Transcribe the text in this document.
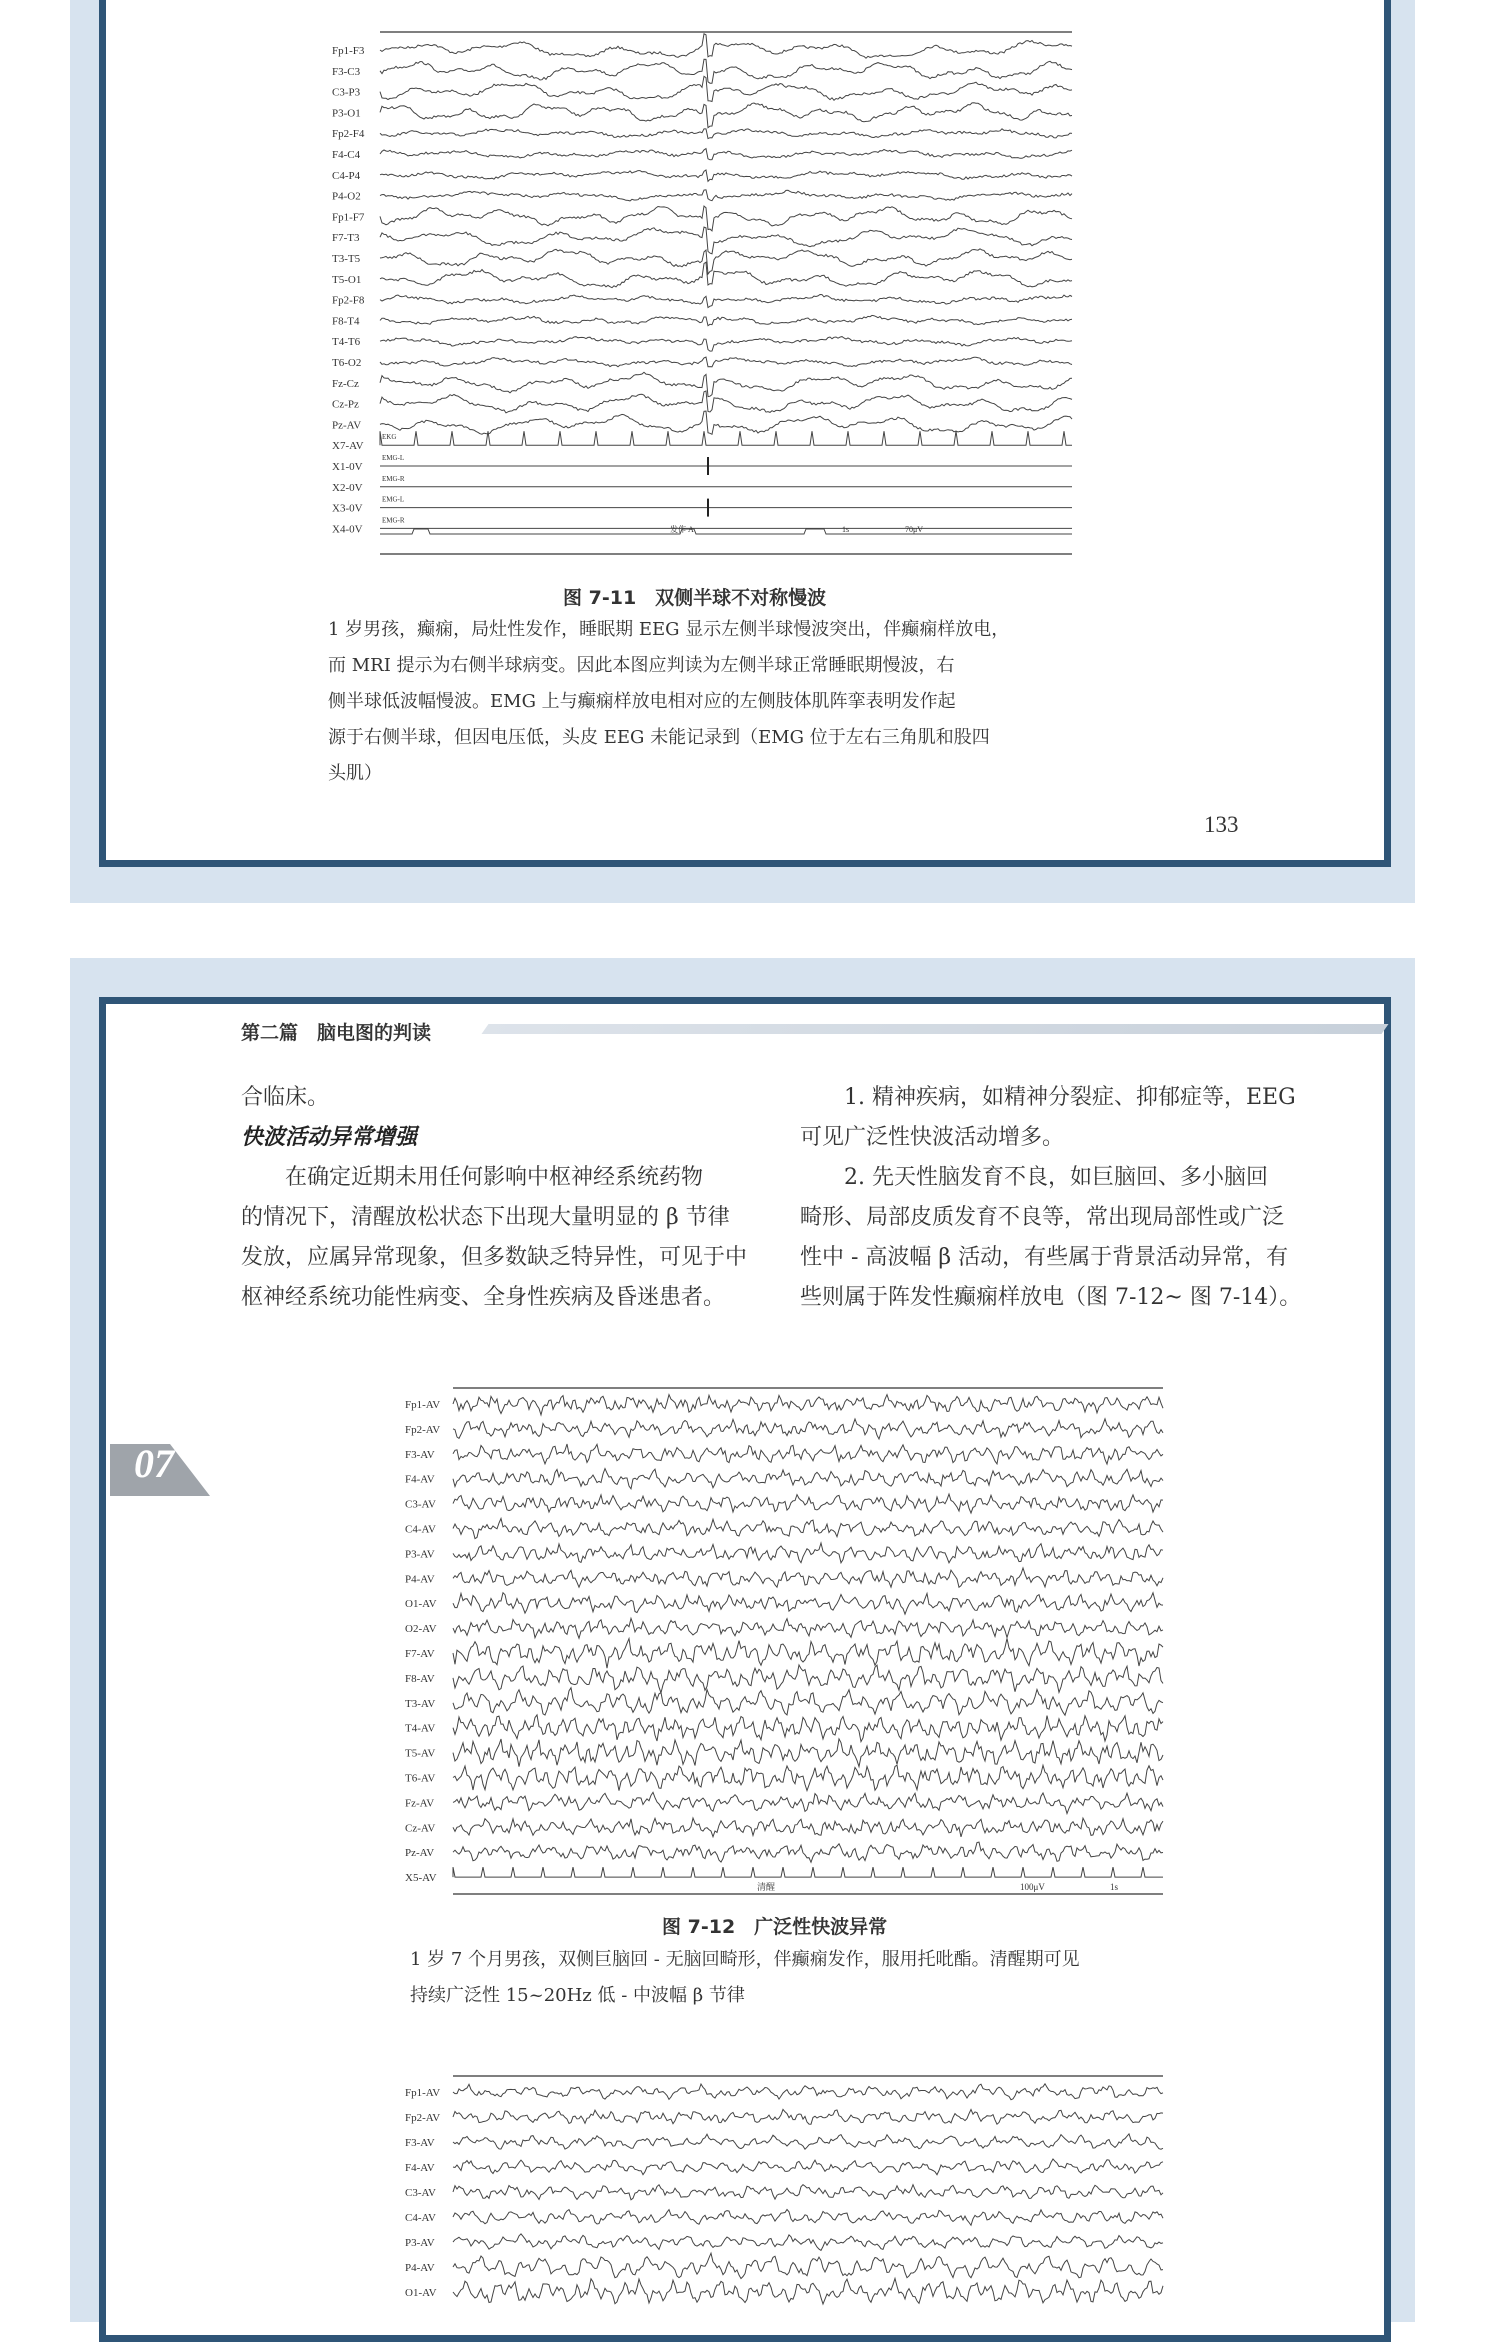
Fp1-F3
F3-C3
C3-P3
P3-O1
Fp2-F4
F4-C4
C4-P4
P4-O2
Fp1-F7
F7-T3
T3-T5
T5-O1
Fp2-F8
F8-T4
T4-T6
T6-O2
Fz-Cz
Cz-Pz
Pz-AV
X7-AV
X1-0V
X2-0V
X3-0V
X4-0V
EKG
EMG-L
EMG-R
EMG-L
EMG-R
发作 A	1s	70μV
图 7-11　双侧半球不对称慢波
1 岁男孩，癫痫，局灶性发作，睡眠期 EEG 显示左侧半球慢波突出，伴癫痫样放电，
而 MRI 提示为右侧半球病变。因此本图应判读为左侧半球正常睡眠期慢波，右
侧半球低波幅慢波。EMG 上与癫痫样放电相对应的左侧肢体肌阵挛表明发作起
源于右侧半球，但因电压低，头皮 EEG 未能记录到（EMG 位于左右三角肌和股四
头肌）
133
第二篇　脑电图的判读
合临床。
快波活动异常增强
　　在确定近期未用任何影响中枢神经系统药物
的情况下，清醒放松状态下出现大量明显的 β 节律
发放，应属异常现象，但多数缺乏特异性，可见于中
枢神经系统功能性病变、全身性疾病及昏迷患者。
　　1. 精神疾病，如精神分裂症、抑郁症等，EEG
可见广泛性快波活动增多。
　　2. 先天性脑发育不良，如巨脑回、多小脑回
畸形、局部皮质发育不良等，常出现局部性或广泛
性中 - 高波幅 β 活动，有些属于背景活动异常，有
些则属于阵发性癫痫样放电（图 7-12~ 图 7-14）。
07
Fp1-AV
Fp2-AV
F3-AV
F4-AV
C3-AV
C4-AV
P3-AV
P4-AV
O1-AV
O2-AV
F7-AV
F8-AV
T3-AV
T4-AV
T5-AV
T6-AV
Fz-AV
Cz-AV
Pz-AV
X5-AV
清醒	100μV	1s
图 7-12　广泛性快波异常
1 岁 7 个月男孩，双侧巨脑回 - 无脑回畸形，伴癫痫发作，服用托吡酯。清醒期可见
持续广泛性 15~20Hz 低 - 中波幅 β 节律
Fp1-AV
Fp2-AV
F3-AV
F4-AV
C3-AV
C4-AV
P3-AV
P4-AV
O1-AV
